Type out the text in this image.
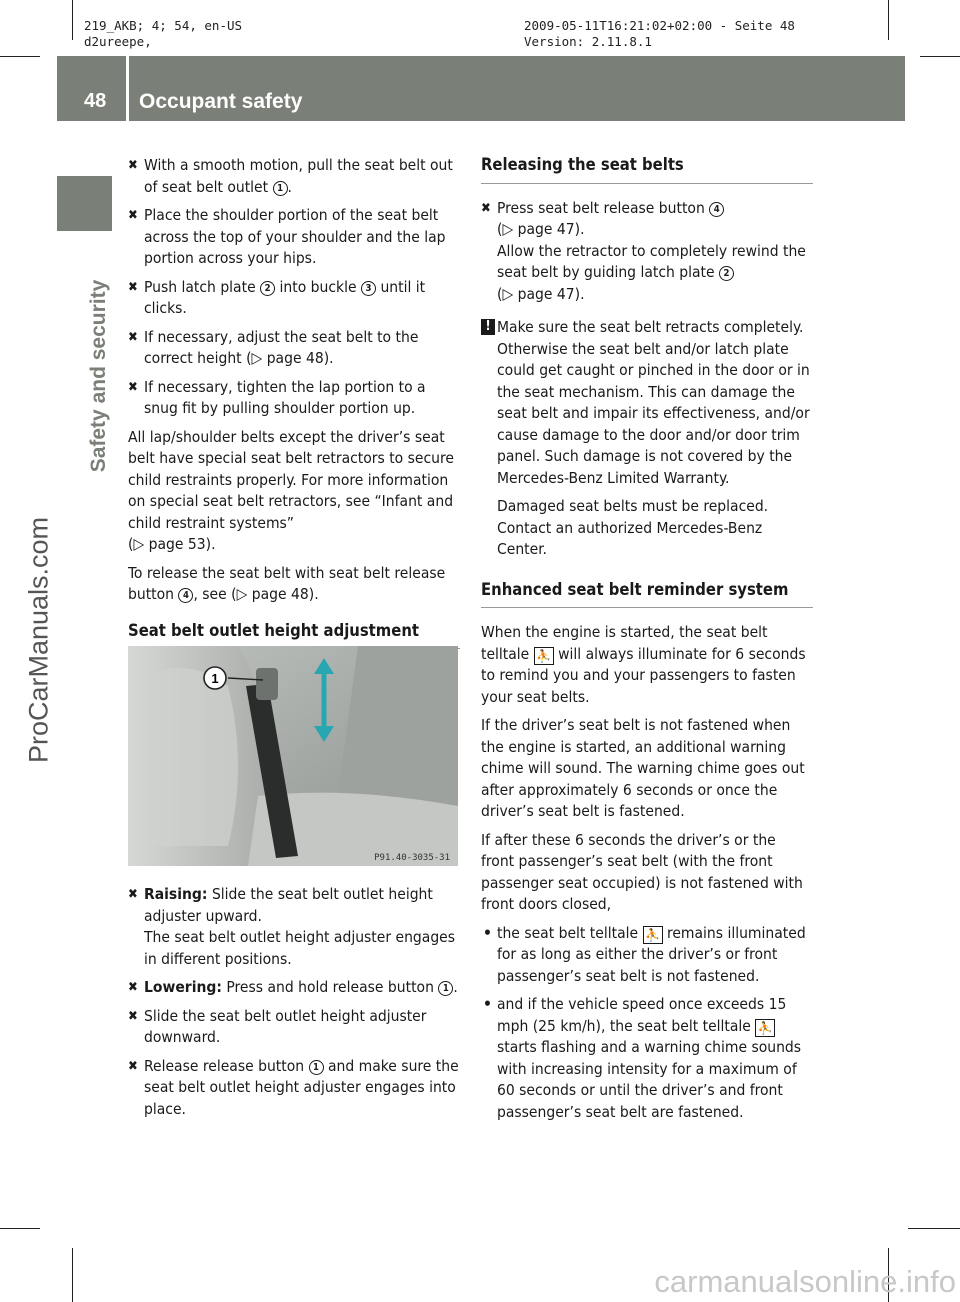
219_AKB; 4; 54, en-US
d2ureepe,
2009-05-11T16:21:02+02:00 - Seite 48
Version: 2.11.8.1
48 Occupant safety
Safety and security
ProCarManuals.com
✖ With a smooth motion, pull the seat belt out of seat belt outlet 1 .
✖ Place the shoulder portion of the seat belt across the top of your shoulder and the lap portion across your hips.
✖ Push latch plate 2 into buckle 3 until it clicks.
✖ If necessary, adjust the seat belt to the correct height (▷ page 48).
✖ If necessary, tighten the lap portion to a snug fit by pulling shoulder portion up.

All lap/shoulder belts except the driver’s seat belt have special seat belt retractors to secure child restraints properly. For more information on special seat belt retractors, see “Infant and child restraint systems”
(▷ page 53).

To release the seat belt with seat belt release button 4 , see (▷ page 48).

Seat belt outlet height adjustment
1
P91.40-3035-31
✖ Raising: Slide the seat belt outlet height adjuster upward.
The seat belt outlet height adjuster engages in different positions.
✖ Lowering: Press and hold release button 1 .
✖ Slide the seat belt outlet height adjuster downward.
✖ Release release button 1 and make sure the seat belt outlet height adjuster engages into place.
Releasing the seat belts
✖ Press seat belt release button 4
(▷ page 47).
Allow the retractor to completely rewind the seat belt by guiding latch plate 2
(▷ page 47).
! Make sure the seat belt retracts completely. Otherwise the seat belt and/or latch plate could get caught or pinched in the door or in the seat mechanism. This can damage the seat belt and impair its effectiveness, and/or cause damage to the door and/or door trim panel. Such damage is not covered by the Mercedes-Benz Limited Warranty.

Damaged seat belts must be replaced. Contact an authorized Mercedes-Benz Center.

Enhanced seat belt reminder system

When the engine is started, the seat belt telltale ⛹ will always illuminate for 6 seconds to remind you and your passengers to fasten your seat belts.

If the driver’s seat belt is not fastened when the engine is started, an additional warning chime will sound. The warning chime goes out after approximately 6 seconds or once the driver’s seat belt is fastened.

If after these 6 seconds the driver’s or the front passenger’s seat belt (with the front passenger seat occupied) is not fastened with front doors closed,

• the seat belt telltale ⛹ remains illuminated for as long as either the driver’s or front passenger’s seat belt is not fastened.
• and if the vehicle speed once exceeds 15 mph (25 km/h), the seat belt telltale ⛹ starts flashing and a warning chime sounds with increasing intensity for a maximum of 60 seconds or until the driver’s and front passenger’s seat belt are fastened.
carmanualsonline.info
